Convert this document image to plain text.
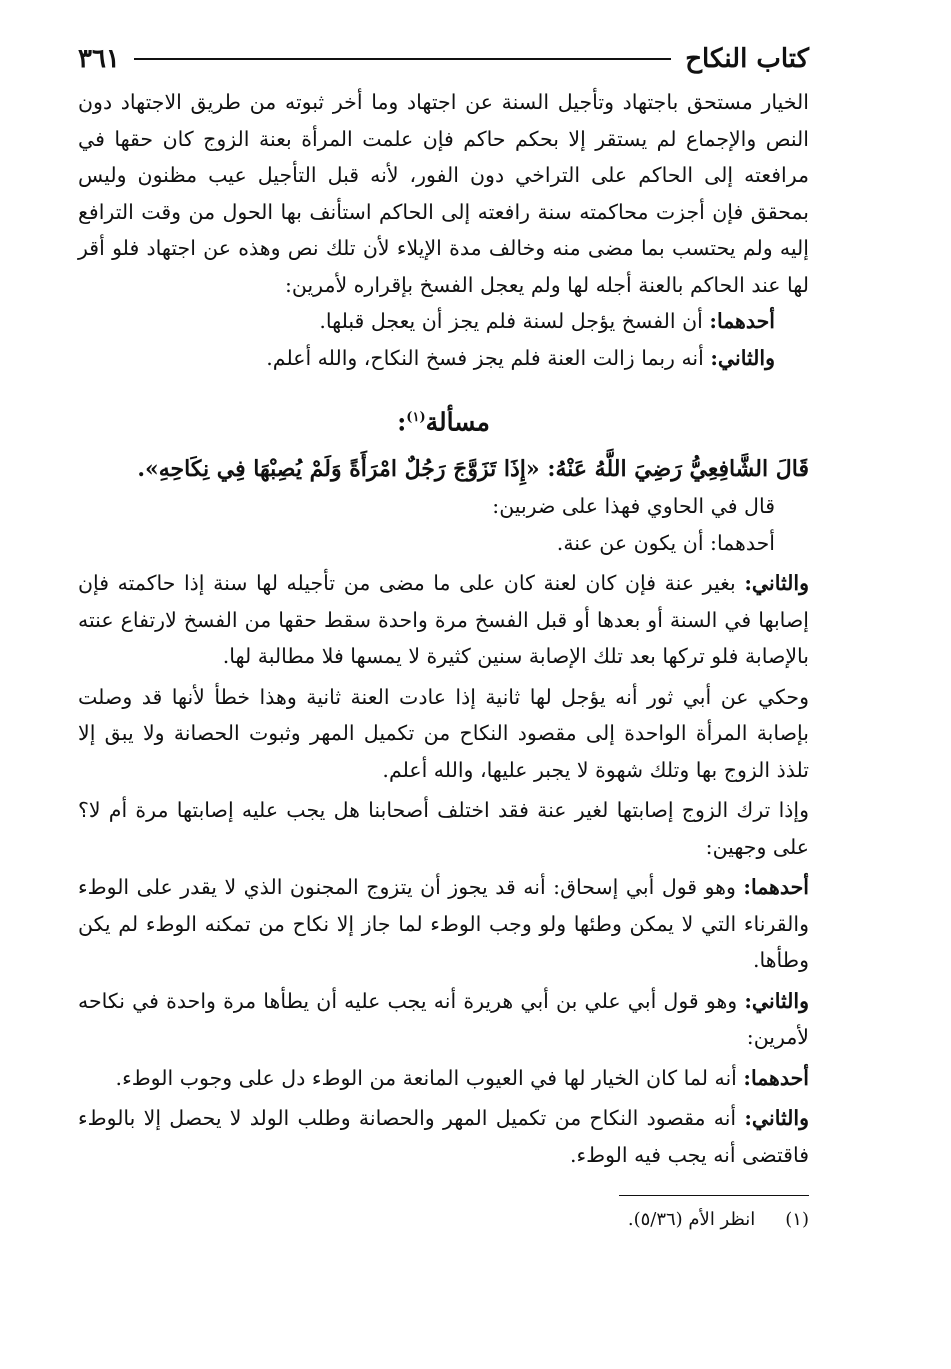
كتاب النكاح
٣٦١

الخيار مستحق باجتهاد وتأجيل السنة عن اجتهاد وما أخر ثبوته من طريق الاجتهاد دون النص والإجماع لم يستقر إلا بحكم حاكم فإن علمت المرأة بعنة الزوج كان حقها في مرافعته إلى الحاكم على التراخي دون الفور، لأنه قبل التأجيل عيب مظنون وليس بمحقق فإن أجزت محاكمته سنة رافعته إلى الحاكم استأنف بها الحول من وقت الترافع إليه ولم يحتسب بما مضى منه وخالف مدة الإيلاء لأن تلك نص وهذه عن اجتهاد فلو أقر لها عند الحاكم بالعنة أجله لها ولم يعجل الفسخ بإقراره لأمرين:

أحدهما: أن الفسخ يؤجل لسنة فلم يجز أن يعجل قبلها.

والثاني: أنه ربما زالت العنة فلم يجز فسخ النكاح، والله أعلم.

مسألة$^{(١)}$:

قَالَ الشَّافِعِيُّ رَضِيَ اللَّهُ عَنْهُ: «إِذَا تَزَوَّجَ رَجُلٌ امْرَأَةً وَلَمْ يُصِبْهَا فِي نِكَاحِهِ».

قال في الحاوي فهذا على ضربين:

أحدهما: أن يكون عن عنة.

والثاني: بغير عنة فإن كان لعنة كان على ما مضى من تأجيله لها سنة إذا حاكمته فإن إصابها في السنة أو بعدها أو قبل الفسخ مرة واحدة سقط حقها من الفسخ لارتفاع عنته بالإصابة فلو تركها بعد تلك الإصابة سنين كثيرة لا يمسها فلا مطالبة لها.

وحكي عن أبي ثور أنه يؤجل لها ثانية إذا عادت العنة ثانية وهذا خطأ لأنها قد وصلت بإصابة المرأة الواحدة إلى مقصود النكاح من تكميل المهر وثبوت الحصانة ولا يبق إلا تلذذ الزوج بها وتلك شهوة لا يجبر عليها، والله أعلم.

وإذا ترك الزوج إصابتها لغير عنة فقد اختلف أصحابنا هل يجب عليه إصابتها مرة أم لا؟ على وجهين:

أحدهما: وهو قول أبي إسحاق: أنه قد يجوز أن يتزوج المجنون الذي لا يقدر على الوطء والقرناء التي لا يمكن وطئها ولو وجب الوطء لما جاز إلا نكاح من تمكنه الوطء لم يكن وطأها.

والثاني: وهو قول أبي علي بن أبي هريرة أنه يجب عليه أن يطأها مرة واحدة في نكاحه لأمرين:

أحدهما: أنه لما كان الخيار لها في العيوب المانعة من الوطء دل على وجوب الوطء.

والثاني: أنه مقصود النكاح من تكميل المهر والحصانة وطلب الولد لا يحصل إلا بالوطء فاقتضى أنه يجب فيه الوطء.

(١)انظر الأم (٥/٣٦).
